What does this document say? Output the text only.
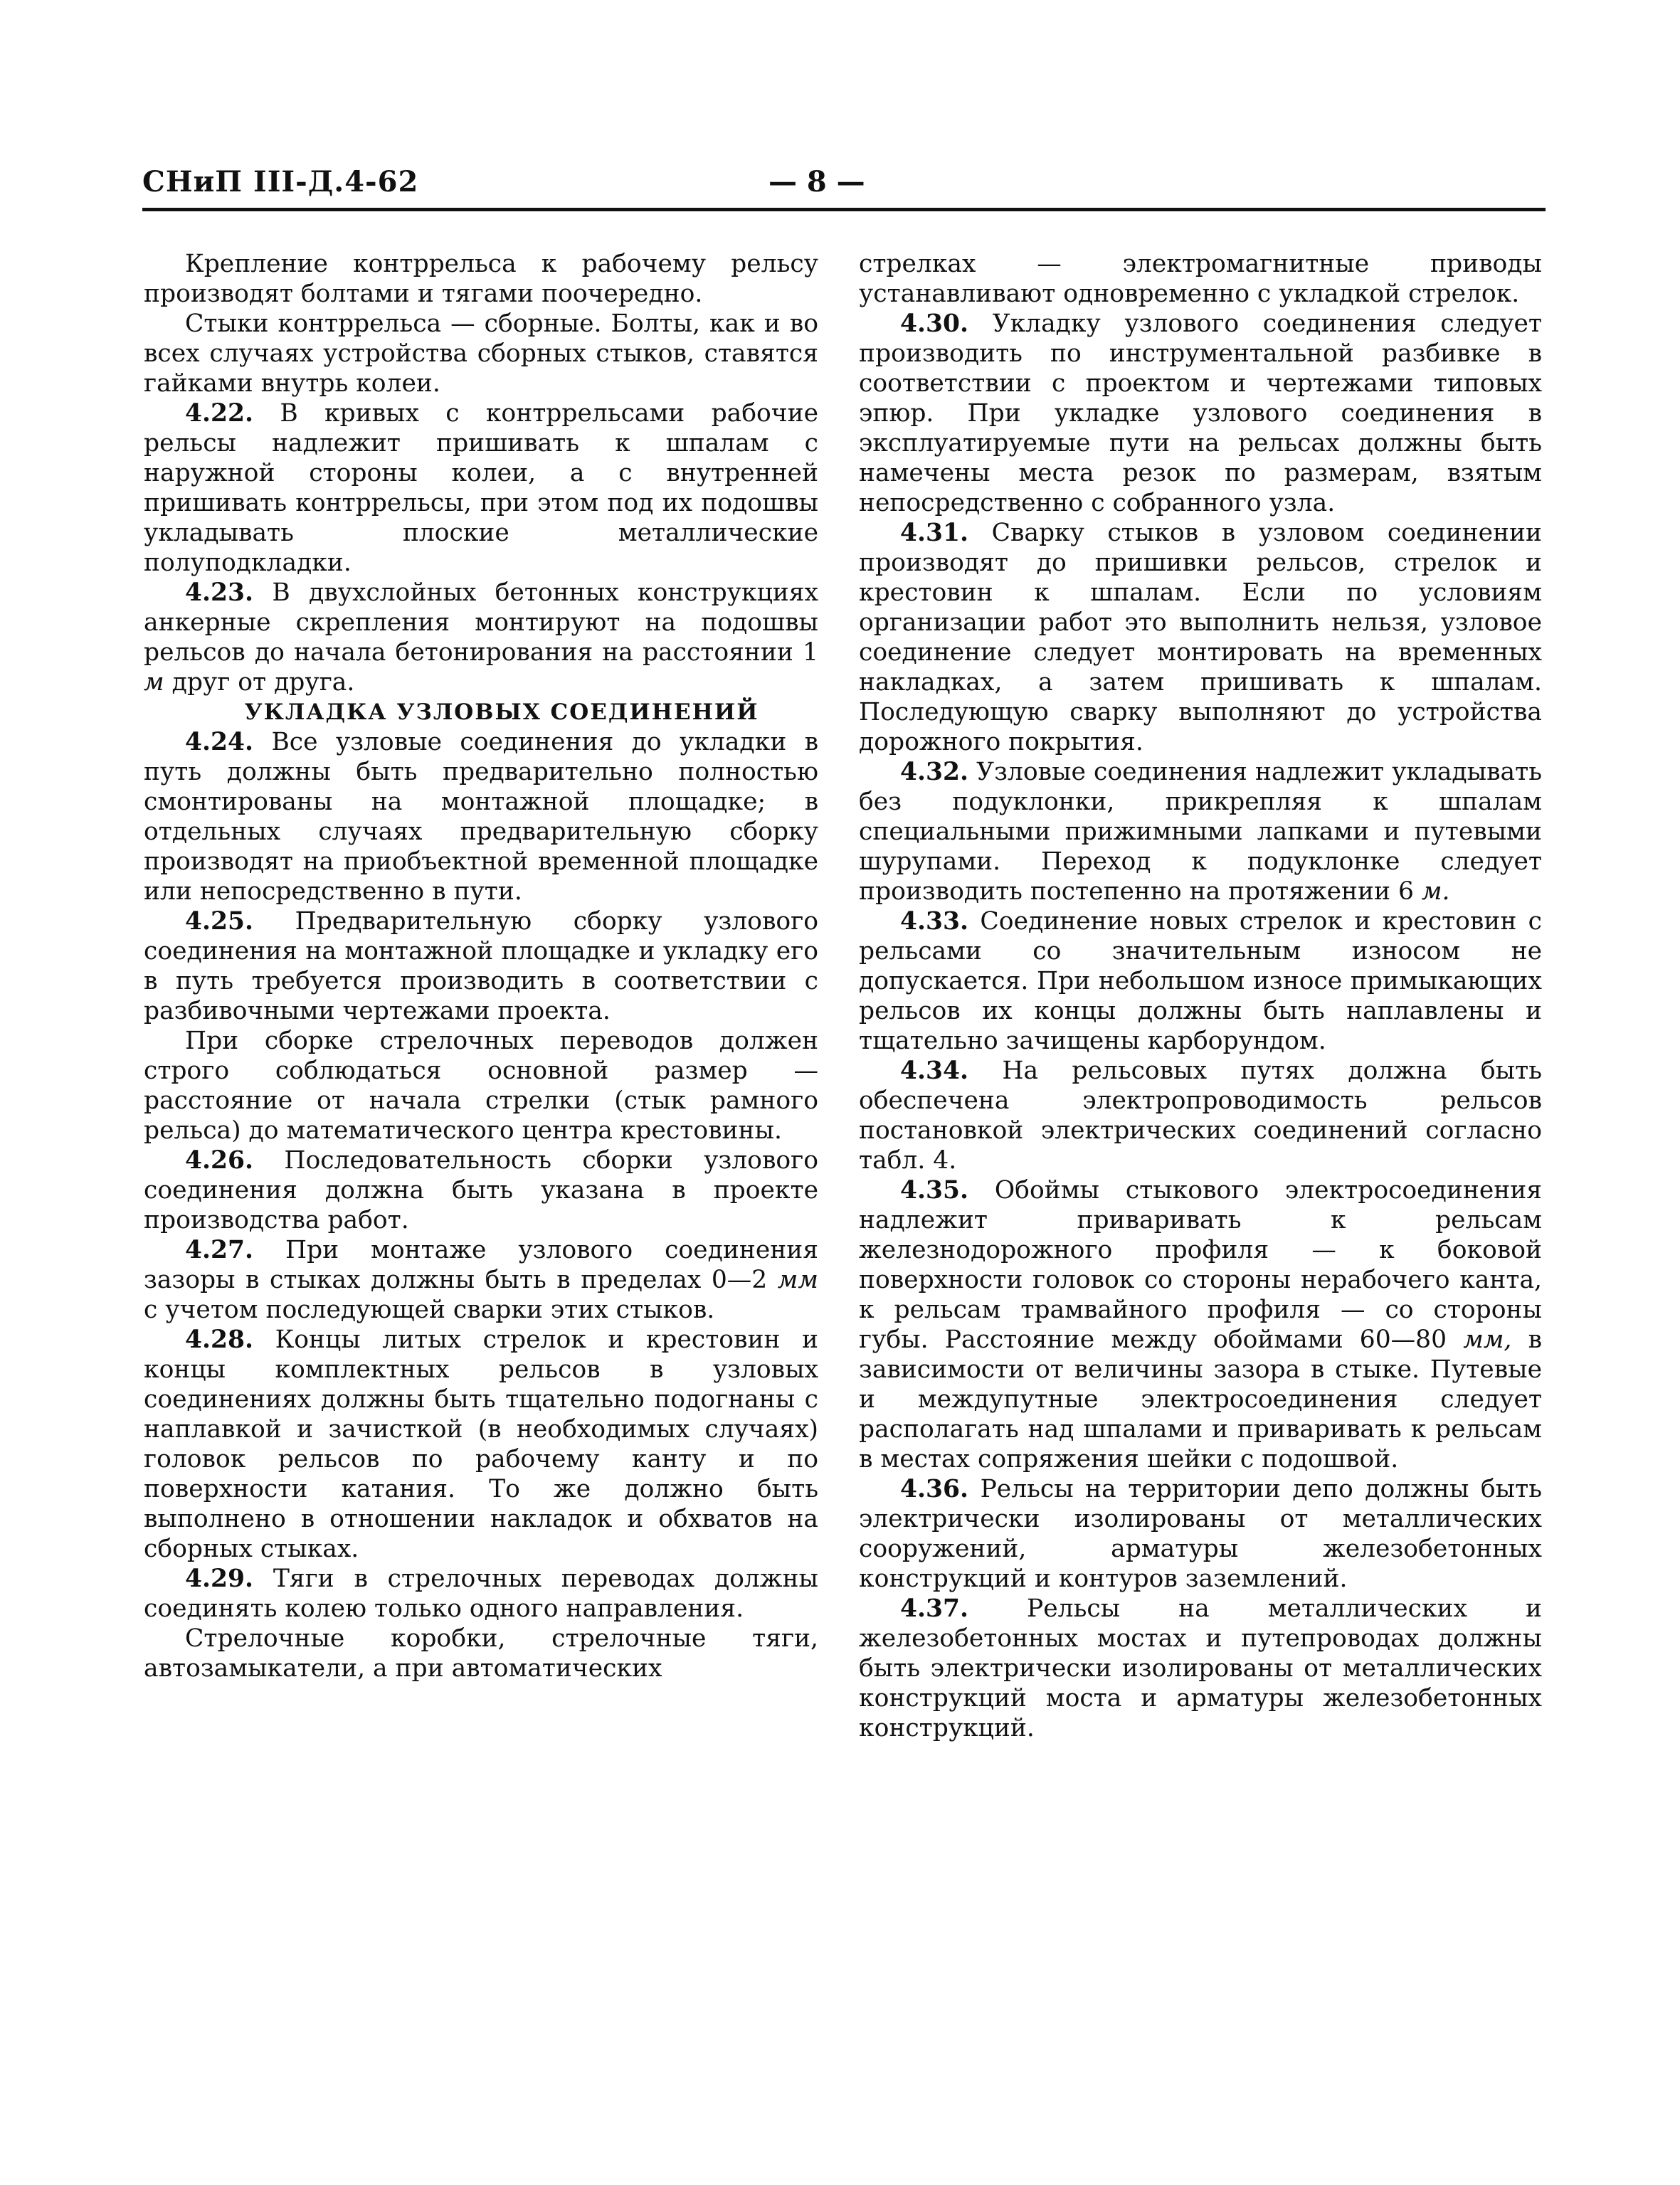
СНиП III-Д.4-62	— 8 —

Крепление контррельса к рабочему рельсу производят болтами и тягами поочередно.

Стыки контррельса — сборные. Болты, как и во всех случаях устройства сборных стыков, ставятся гайками внутрь колеи.

4.22. В кривых с контррельсами рабочие рельсы надлежит пришивать к шпалам с наружной стороны колеи, а с внутренней пришивать контррельсы, при этом под их подошвы укладывать плоские металлические полуподкладки.

4.23. В двухслойных бетонных конструкциях анкерные скрепления монтируют на подошвы рельсов до начала бетонирования на расстоянии 1 м друг от друга.

УКЛАДКА УЗЛОВЫХ СОЕДИНЕНИЙ

4.24. Все узловые соединения до укладки в путь должны быть предварительно полностью смонтированы на монтажной площадке; в отдельных случаях предварительную сборку производят на приобъектной временной площадке или непосредственно в пути.

4.25. Предварительную сборку узлового соединения на монтажной площадке и укладку его в путь требуется производить в соответствии с разбивочными чертежами проекта.

При сборке стрелочных переводов должен строго соблюдаться основной размер — расстояние от начала стрелки (стык рамного рельса) до математического центра крестовины.

4.26. Последовательность сборки узлового соединения должна быть указана в проекте производства работ.

4.27. При монтаже узлового соединения зазоры в стыках должны быть в пределах 0—2 мм с учетом последующей сварки этих стыков.

4.28. Концы литых стрелок и крестовин и концы комплектных рельсов в узловых соединениях должны быть тщательно подогнаны с наплавкой и зачисткой (в необходимых случаях) головок рельсов по рабочему канту и по поверхности катания. То же должно быть выполнено в отношении накладок и обхватов на сборных стыках.

4.29. Тяги в стрелочных переводах должны соединять колею только одного направления.

Стрелочные коробки, стрелочные тяги, автозамыкатели, а при автоматических

стрелках — электромагнитные приводы устанавливают одновременно с укладкой стрелок.

4.30. Укладку узлового соединения следует производить по инструментальной разбивке в соответствии с проектом и чертежами типовых эпюр. При укладке узлового соединения в эксплуатируемые пути на рельсах должны быть намечены места резок по размерам, взятым непосредственно с собранного узла.

4.31. Сварку стыков в узловом соединении производят до пришивки рельсов, стрелок и крестовин к шпалам. Если по условиям организации работ это выполнить нельзя, узловое соединение следует монтировать на временных накладках, а затем пришивать к шпалам. Последующую сварку выполняют до устройства дорожного покрытия.

4.32. Узловые соединения надлежит укладывать без подуклонки, прикрепляя к шпалам специальными прижимными лапками и путевыми шурупами. Переход к подуклонке следует производить постепенно на протяжении 6 м.

4.33. Соединение новых стрелок и крестовин с рельсами со значительным износом не допускается. При небольшом износе примыкающих рельсов их концы должны быть наплавлены и тщательно зачищены карборундом.

4.34. На рельсовых путях должна быть обеспечена электропроводимость рельсов постановкой электрических соединений согласно табл. 4.

4.35. Обоймы стыкового электросоединения надлежит приваривать к рельсам железнодорожного профиля — к боковой поверхности головок со стороны нерабочего канта, к рельсам трамвайного профиля — со стороны губы. Расстояние между обоймами 60—80 мм, в зависимости от величины зазора в стыке. Путевые и междупутные электросоединения следует располагать над шпалами и приваривать к рельсам в местах сопряжения шейки с подошвой.

4.36. Рельсы на территории депо должны быть электрически изолированы от металлических сооружений, арматуры железобетонных конструкций и контуров заземлений.

4.37. Рельсы на металлических и железобетонных мостах и путепроводах должны быть электрически изолированы от металлических конструкций моста и арматуры железобетонных конструкций.
